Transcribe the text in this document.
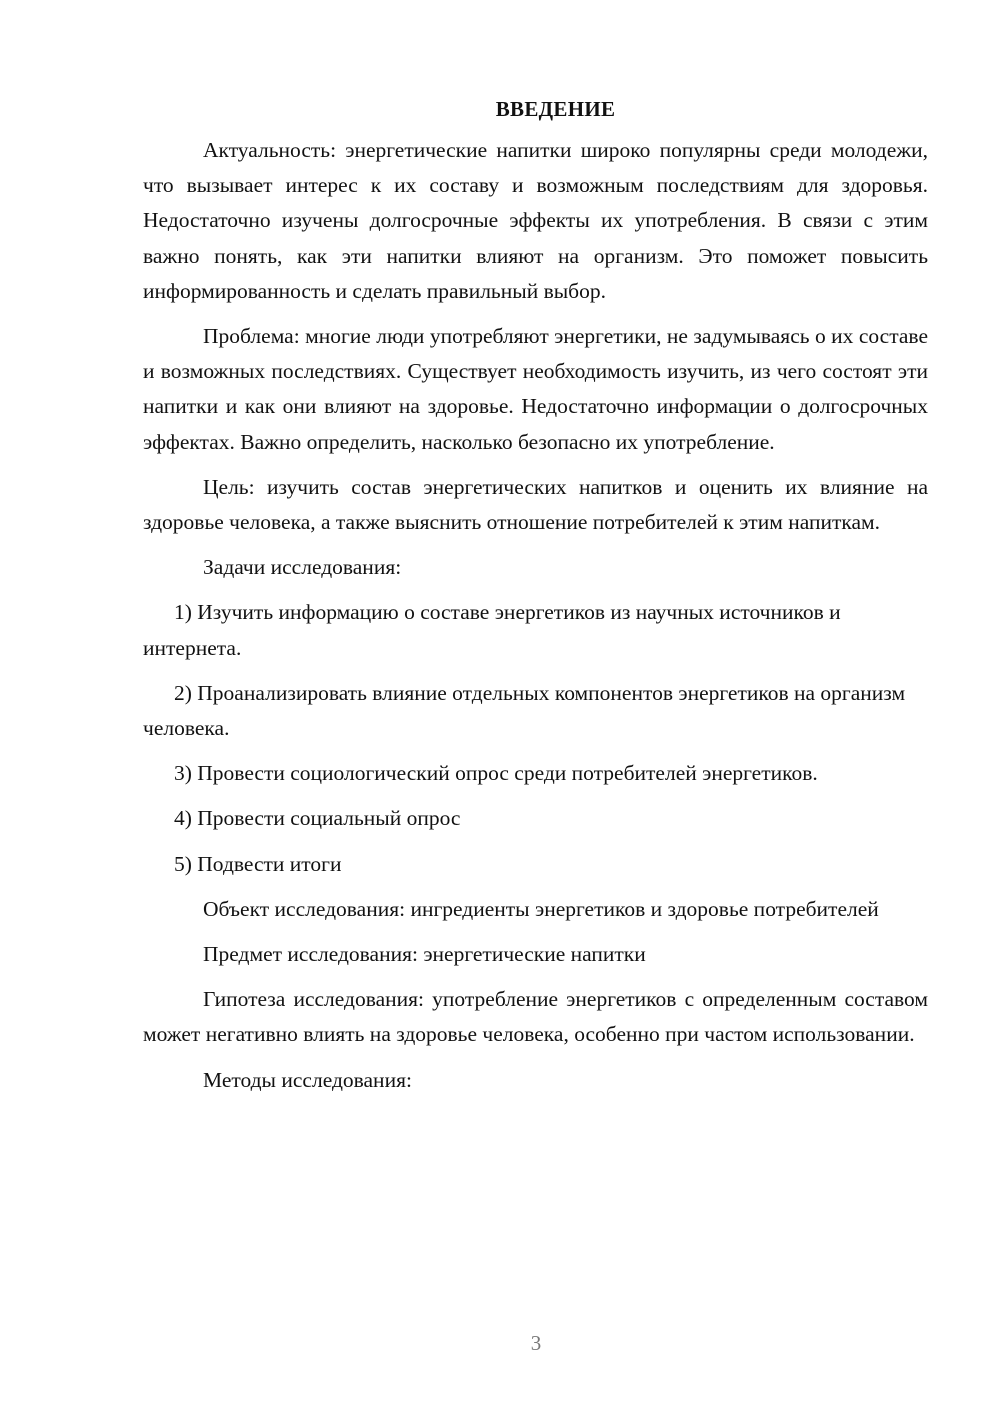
ВВЕДЕНИЕ

Актуальность: энергетические напитки широко популярны среди молодежи, что вызывает интерес к их составу и возможным последствиям для здоровья. Недостаточно изучены долгосрочные эффекты их употребления. В связи с этим важно понять, как эти напитки влияют на организм. Это поможет повысить информированность и сделать правильный выбор.

Проблема: многие люди употребляют энергетики, не задумываясь о их составе и возможных последствиях. Существует необходимость изучить, из чего состоят эти напитки и как они влияют на здоровье. Недостаточно информации о долгосрочных эффектах. Важно определить, насколько безопасно их употребление.

Цель: изучить состав энергетических напитков и оценить их влияние на здоровье человека, а также выяснить отношение потребителей к этим напиткам.

Задачи исследования:

1) Изучить информацию о составе энергетиков из научных источников и интернета.

2) Проанализировать влияние отдельных компонентов энергетиков на организм человека.

3) Провести социологический опрос среди потребителей энергетиков.

4) Провести социальный опрос

5) Подвести итоги

Объект исследования: ингредиенты энергетиков и здоровье потребителей

Предмет исследования: энергетические напитки

Гипотеза исследования: употребление энергетиков с определенным составом может негативно влиять на здоровье человека, особенно при частом использовании.

Методы исследования:

3
